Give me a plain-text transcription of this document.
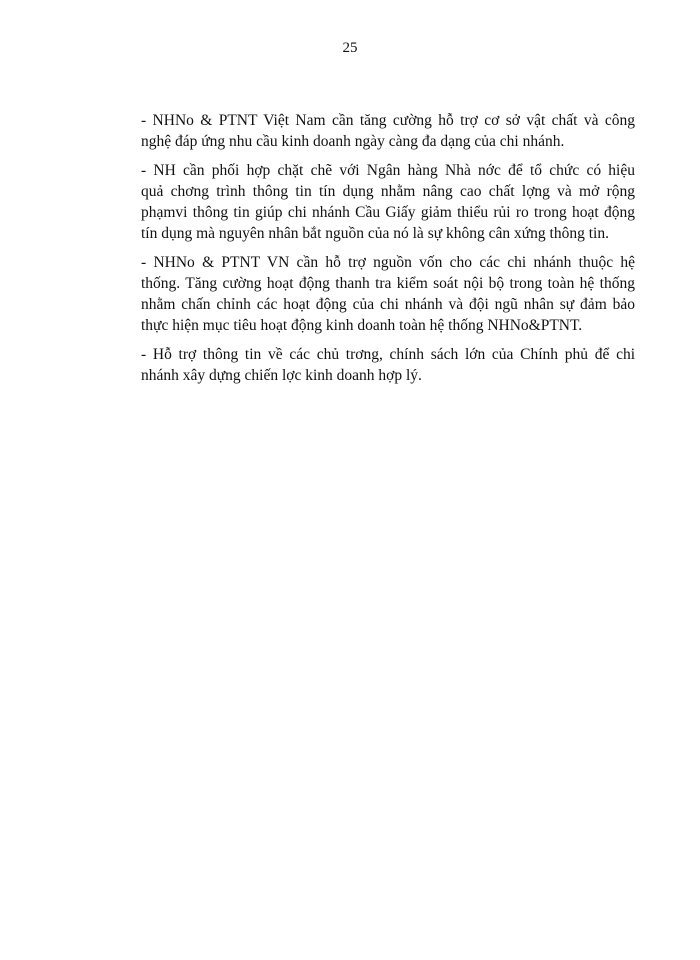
25
- NHNo & PTNT Việt Nam cần tăng cường hỗ trợ cơ sở vật chất và công
nghệ đáp ứng nhu cầu kinh doanh ngày càng đa dạng của chi nhánh.
- NH cần phối hợp chặt chẽ với Ngân hàng Nhà nớc để tổ chức có hiệu
quả chơng trình thông tin tín dụng nhằm nâng cao chất lợng và mở rộng
phạmvi thông tin giúp chi nhánh Cầu Giấy giảm thiểu rủi ro trong hoạt động
tín dụng mà nguyên nhân bắt nguồn của nó là sự không cân xứng thông tin.
- NHNo & PTNT VN cần hỗ trợ nguồn vốn cho các chi nhánh thuộc hệ
thống. Tăng cường hoạt động thanh tra kiểm soát nội bộ trong toàn hệ thống
nhằm chấn chỉnh các hoạt động của chi nhánh và đội ngũ nhân sự đảm bảo
thực hiện mục tiêu hoạt động kinh doanh toàn hệ thống NHNo&PTNT.
- Hỗ trợ thông tin về các chủ trơng, chính sách lớn của Chính phủ để chi
nhánh xây dựng chiến lợc kinh doanh hợp lý.
